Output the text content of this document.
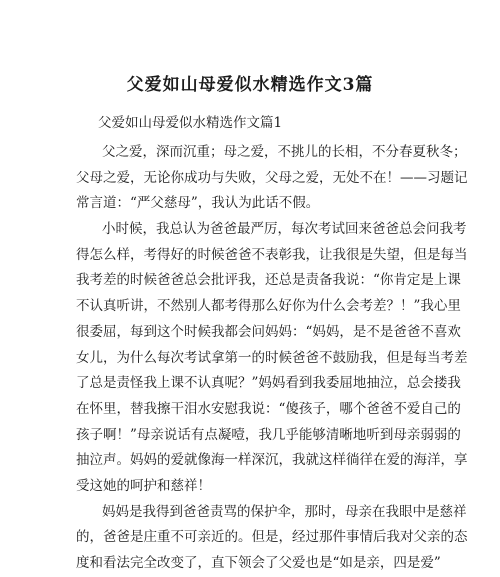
父爱如山母爱似水精选作文3篇
父爱如山母爱似水精选作文篇1
父之爱，深而沉重；母之爱，不挑儿的长相，不分春夏秋冬；
父母之爱，无论你成功与失败，父母之爱，无处不在！——习题记
常言道：“严父慈母”，我认为此话不假。
小时候，我总认为爸爸最严厉，每次考试回来爸爸总会问我考
得怎么样，考得好的时候爸爸不表彰我，让我很是失望，但是每当
我考差的时候爸爸总会批评我，还总是责备我说：“你肯定是上课
不认真听讲，不然别人都考得那么好你为什么会考差？！”我心里
很委屈，每到这个时候我都会问妈妈：“妈妈，是不是爸爸不喜欢
女儿，为什么每次考试拿第一的时候爸爸不鼓励我，但是每当考差
了总是责怪我上课不认真呢？”妈妈看到我委屈地抽泣，总会搂我
在怀里，替我擦干泪水安慰我说：“傻孩子，哪个爸爸不爱自己的
孩子啊！”母亲说话有点凝噎，我几乎能够清晰地听到母亲弱弱的
抽泣声。妈妈的爱就像海一样深沉，我就这样徜徉在爱的海洋，享
受这她的呵护和慈祥！
妈妈是我得到爸爸责骂的保护伞，那时，母亲在我眼中是慈祥
的，爸爸是庄重不可亲近的。但是，经过那件事情后我对父亲的态
度和看法完全改变了，直下领会了父爱也是“如是亲，四是爱”
